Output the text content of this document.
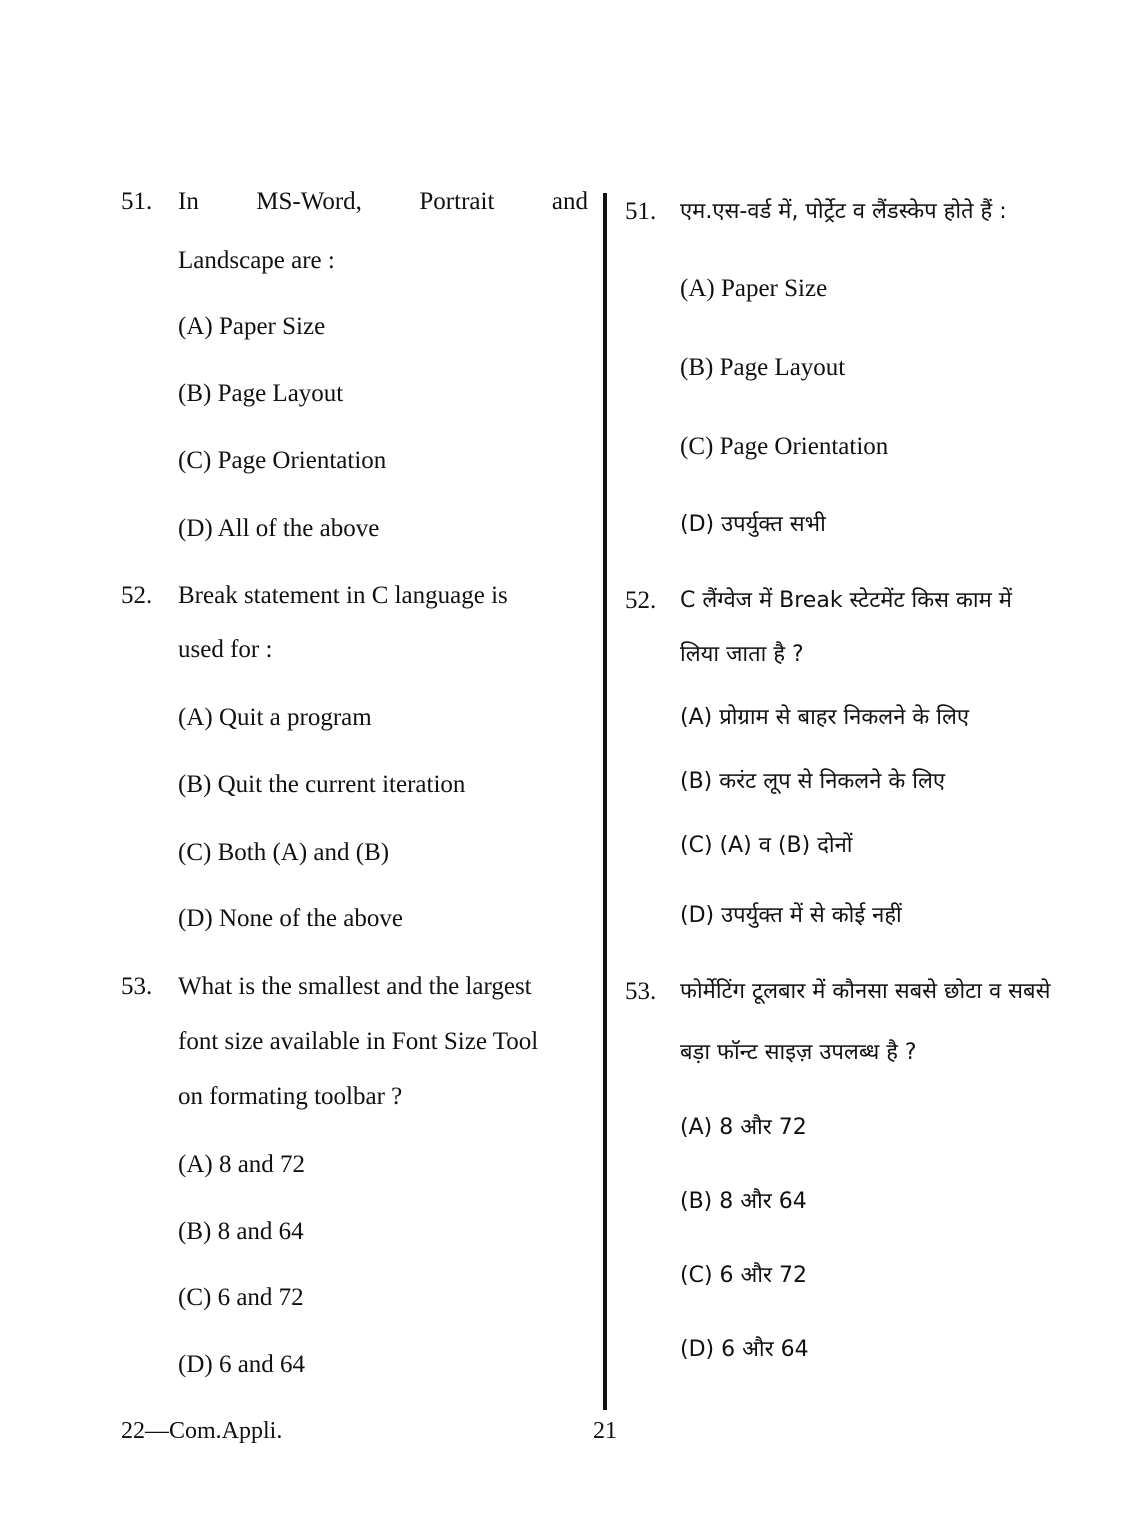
51. In MS-Word, Portrait and
Landscape are :
(A) Paper Size
(B) Page Layout
(C) Page Orientation
(D) All of the above
52. Break statement in C language is
used for :
(A) Quit a program
(B) Quit the current iteration
(C) Both (A) and (B)
(D) None of the above
53. What is the smallest and the largest
font size available in Font Size Tool
on formating toolbar ?
(A) 8 and 72
(B) 8 and 64
(C) 6 and 72
(D) 6 and 64
51. एम.एस-वर्ड में, पोर्ट्रेट व लैंडस्केप होते हैं :
(A) Paper Size
(B) Page Layout
(C) Page Orientation
(D) उपर्युक्त सभी
52. C लैंग्वेज में Break स्टेटमेंट किस काम में
लिया जाता है ?
(A) प्रोग्राम से बाहर निकलने के लिए
(B) करंट लूप से निकलने के लिए
(C) (A) व (B) दोनों
(D) उपर्युक्त में से कोई नहीं
53. फोर्मेटिंग टूलबार में कौनसा सबसे छोटा व सबसे
बड़ा फॉन्ट साइज़ उपलब्ध है ?
(A) 8 और 72
(B) 8 और 64
(C) 6 और 72
(D) 6 और 64
22—Com.Appli.	21
